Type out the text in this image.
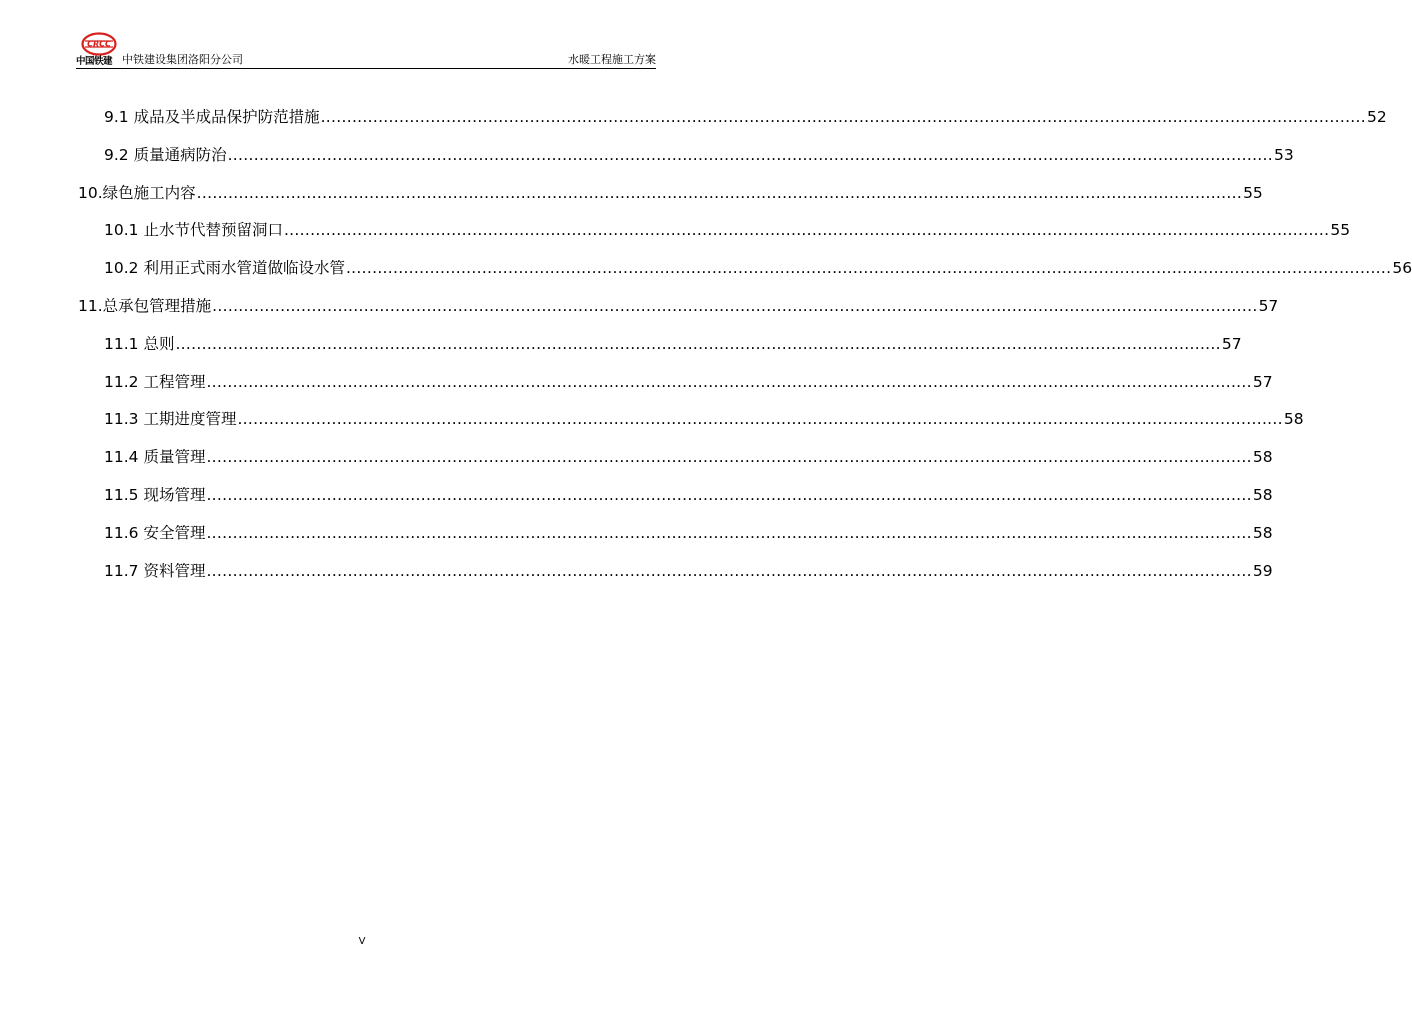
CRCC
中国铁建 中铁建设集团洛阳分公司	水暖工程施工方案
9.1 成品及半成品保护防范措施 ........................................................................................................................................................................................................ 52
9.2 质量通病防治 ........................................................................................................................................................................................................ 53
10.绿色施工内容 ........................................................................................................................................................................................................ 55
10.1 止水节代替预留洞口 ........................................................................................................................................................................................................ 55
10.2 利用正式雨水管道做临设水管 ........................................................................................................................................................................................................ 56
11.总承包管理措施 ........................................................................................................................................................................................................ 57
11.1 总则 ........................................................................................................................................................................................................ 57
11.2 工程管理 ........................................................................................................................................................................................................ 57
11.3 工期进度管理 ........................................................................................................................................................................................................ 58
11.4 质量管理 ........................................................................................................................................................................................................ 58
11.5 现场管理 ........................................................................................................................................................................................................ 58
11.6 安全管理 ........................................................................................................................................................................................................ 58
11.7 资料管理 ........................................................................................................................................................................................................ 59
V
